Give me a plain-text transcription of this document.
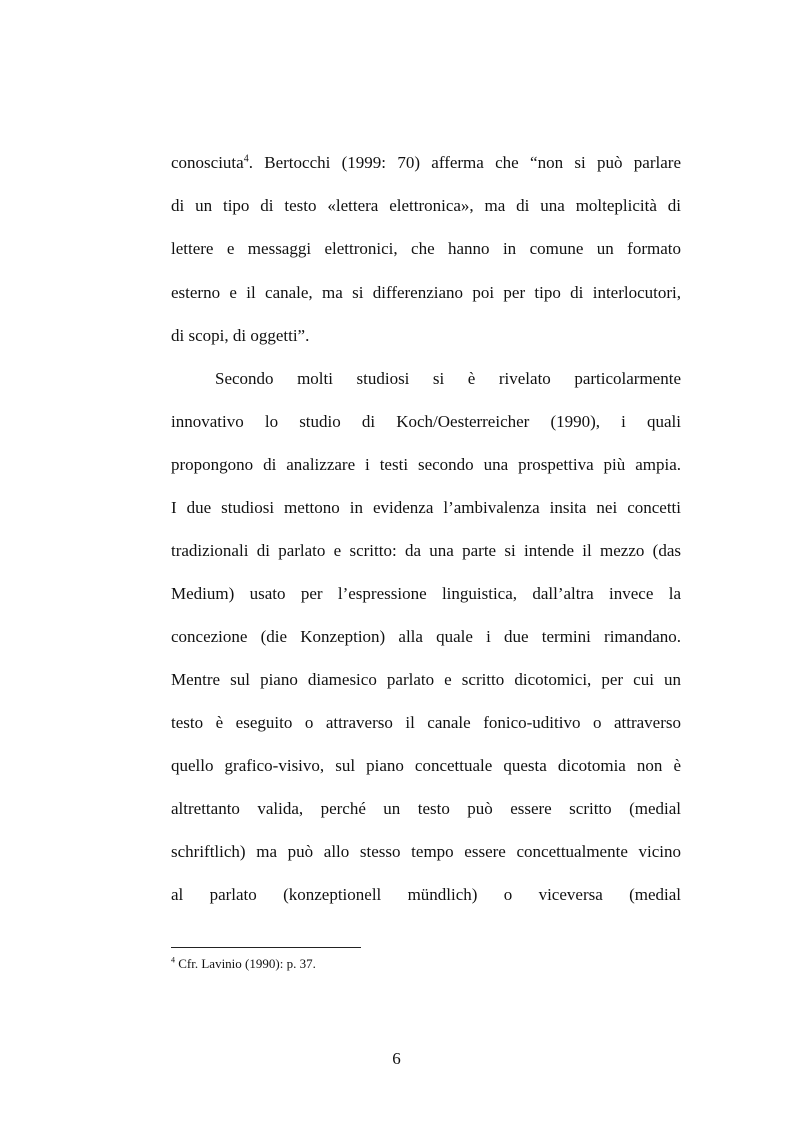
conosciuta$^4$. Bertocchi (1999: 70) afferma che “non si può parlare
di un tipo di testo «lettera elettronica», ma di una molteplicità di
lettere e messaggi elettronici, che hanno in comune un formato
esterno e il canale, ma si differenziano poi per tipo di interlocutori,
di scopi, di oggetti”.
Secondo molti studiosi si è rivelato particolarmente
innovativo lo studio di Koch/Oesterreicher (1990), i quali
propongono di analizzare i testi secondo una prospettiva più ampia.
I due studiosi mettono in evidenza l’ambivalenza insita nei concetti
tradizionali di parlato e scritto: da una parte si intende il mezzo (das
Medium) usato per l’espressione linguistica, dall’altra invece la
concezione (die Konzeption) alla quale i due termini rimandano.
Mentre sul piano diamesico parlato e scritto dicotomici, per cui un
testo è eseguito o attraverso il canale fonico-uditivo o attraverso
quello grafico-visivo, sul piano concettuale questa dicotomia non è
altrettanto valida, perché un testo può essere scritto (medial
schriftlich) ma può allo stesso tempo essere concettualmente vicino
al parlato (konzeptionell mündlich) o viceversa (medial
$^4$ Cfr. Lavinio (1990): p. 37.
6
